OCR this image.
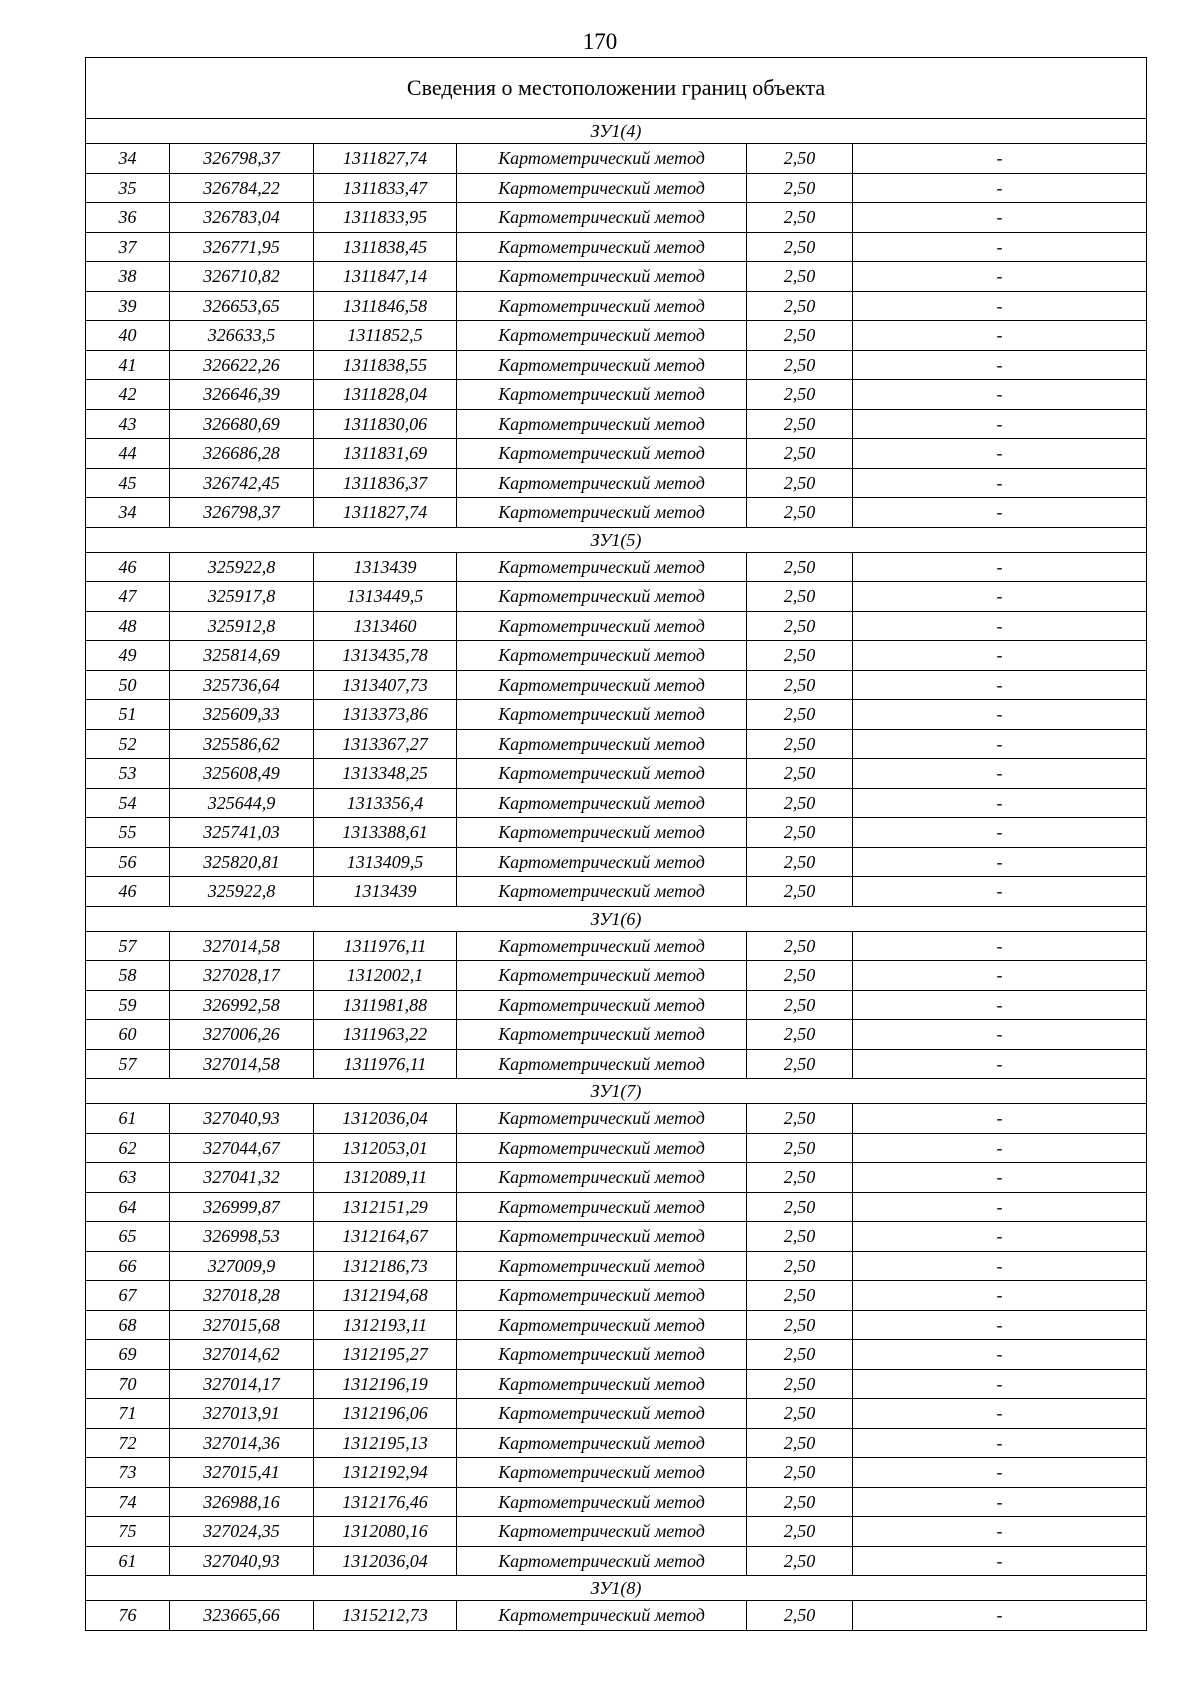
170
Сведения о местоположении границ объекта					
ЗУ1(4)					
34	326798,37	1311827,74	Картометрический метод	2,50	-
35	326784,22	1311833,47	Картометрический метод	2,50	-
36	326783,04	1311833,95	Картометрический метод	2,50	-
37	326771,95	1311838,45	Картометрический метод	2,50	-
38	326710,82	1311847,14	Картометрический метод	2,50	-
39	326653,65	1311846,58	Картометрический метод	2,50	-
40	326633,5	1311852,5	Картометрический метод	2,50	-
41	326622,26	1311838,55	Картометрический метод	2,50	-
42	326646,39	1311828,04	Картометрический метод	2,50	-
43	326680,69	1311830,06	Картометрический метод	2,50	-
44	326686,28	1311831,69	Картометрический метод	2,50	-
45	326742,45	1311836,37	Картометрический метод	2,50	-
34	326798,37	1311827,74	Картометрический метод	2,50	-
ЗУ1(5)					
46	325922,8	1313439	Картометрический метод	2,50	-
47	325917,8	1313449,5	Картометрический метод	2,50	-
48	325912,8	1313460	Картометрический метод	2,50	-
49	325814,69	1313435,78	Картометрический метод	2,50	-
50	325736,64	1313407,73	Картометрический метод	2,50	-
51	325609,33	1313373,86	Картометрический метод	2,50	-
52	325586,62	1313367,27	Картометрический метод	2,50	-
53	325608,49	1313348,25	Картометрический метод	2,50	-
54	325644,9	1313356,4	Картометрический метод	2,50	-
55	325741,03	1313388,61	Картометрический метод	2,50	-
56	325820,81	1313409,5	Картометрический метод	2,50	-
46	325922,8	1313439	Картометрический метод	2,50	-
ЗУ1(6)					
57	327014,58	1311976,11	Картометрический метод	2,50	-
58	327028,17	1312002,1	Картометрический метод	2,50	-
59	326992,58	1311981,88	Картометрический метод	2,50	-
60	327006,26	1311963,22	Картометрический метод	2,50	-
57	327014,58	1311976,11	Картометрический метод	2,50	-
ЗУ1(7)					
61	327040,93	1312036,04	Картометрический метод	2,50	-
62	327044,67	1312053,01	Картометрический метод	2,50	-
63	327041,32	1312089,11	Картометрический метод	2,50	-
64	326999,87	1312151,29	Картометрический метод	2,50	-
65	326998,53	1312164,67	Картометрический метод	2,50	-
66	327009,9	1312186,73	Картометрический метод	2,50	-
67	327018,28	1312194,68	Картометрический метод	2,50	-
68	327015,68	1312193,11	Картометрический метод	2,50	-
69	327014,62	1312195,27	Картометрический метод	2,50	-
70	327014,17	1312196,19	Картометрический метод	2,50	-
71	327013,91	1312196,06	Картометрический метод	2,50	-
72	327014,36	1312195,13	Картометрический метод	2,50	-
73	327015,41	1312192,94	Картометрический метод	2,50	-
74	326988,16	1312176,46	Картометрический метод	2,50	-
75	327024,35	1312080,16	Картометрический метод	2,50	-
61	327040,93	1312036,04	Картометрический метод	2,50	-
ЗУ1(8)					
76	323665,66	1315212,73	Картометрический метод	2,50	-
